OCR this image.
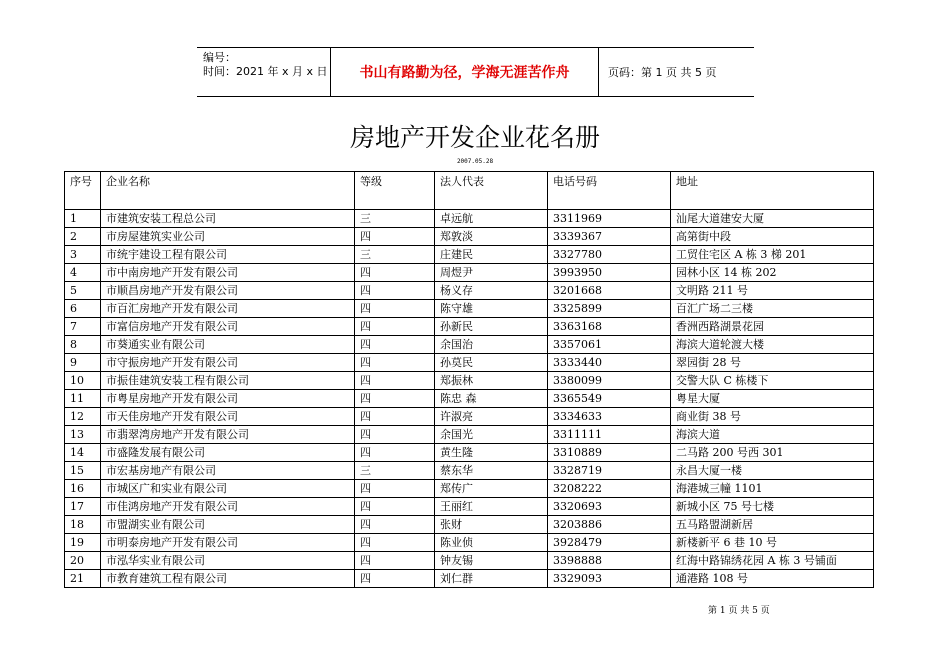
编号：
时间：2021 年 x 月 x 日	书山有路勤为径，学海无涯苦作舟	页码：第 1 页 共 5 页
房地产开发企业花名册
2007.05.28
序号	企业名称	等级	法人代表	电话号码	地址
1	市建筑安装工程总公司	三	卓远航	3311969	汕尾大道建安大厦
2	市房屋建筑实业公司	四	郑敦淡	3339367	高第街中段
3	市统宇建设工程有限公司	三	庄建民	3327780	工贸住宅区 A 栋 3 梯 201
4	市中南房地产开发有限公司	四	周煜尹	3993950	园林小区 14 栋 202
5	市顺昌房地产开发有限公司	四	杨义存	3201668	文明路 211 号
6	市百汇房地产开发有限公司	四	陈守雄	3325899	百汇广场二三楼
7	市富信房地产开发有限公司	四	孙新民	3363168	香洲西路湖景花园
8	市葵通实业有限公司	四	余国治	3357061	海滨大道轮渡大楼
9	市守振房地产开发有限公司	四	孙莫民	3333440	翠园街 28 号
10	市振佳建筑安装工程有限公司	四	郑振林	3380099	交警大队 C 栋楼下
11	市粤星房地产开发有限公司	四	陈忠 森	3365549	粤星大厦
12	市天佳房地产开发有限公司	四	许淑亮	3334633	商业街 38 号
13	市翡翠湾房地产开发有限公司	四	余国光	3311111	海滨大道
14	市盛隆发展有限公司	四	黄生隆	3310889	二马路 200 号西 301
15	市宏基房地产有限公司	三	蔡东华	3328719	永昌大厦一楼
16	市城区广和实业有限公司	四	郑传广	3208222	海港城三幢 1101
17	市佳鸿房地产开发有限公司	四	王丽红	3320693	新城小区 75 号七楼
18	市盟湖实业有限公司	四	张财	3203886	五马路盟湖新居
19	市明泰房地产开发有限公司	四	陈业侦	3928479	新楼新平 6 巷 10 号
20	市泓华实业有限公司	四	钟友锡	3398888	红海中路锦绣花园 A 栋 3 号铺面
21	市教育建筑工程有限公司	四	刘仁群	3329093	通港路 108 号
第 1 页 共 5 页
